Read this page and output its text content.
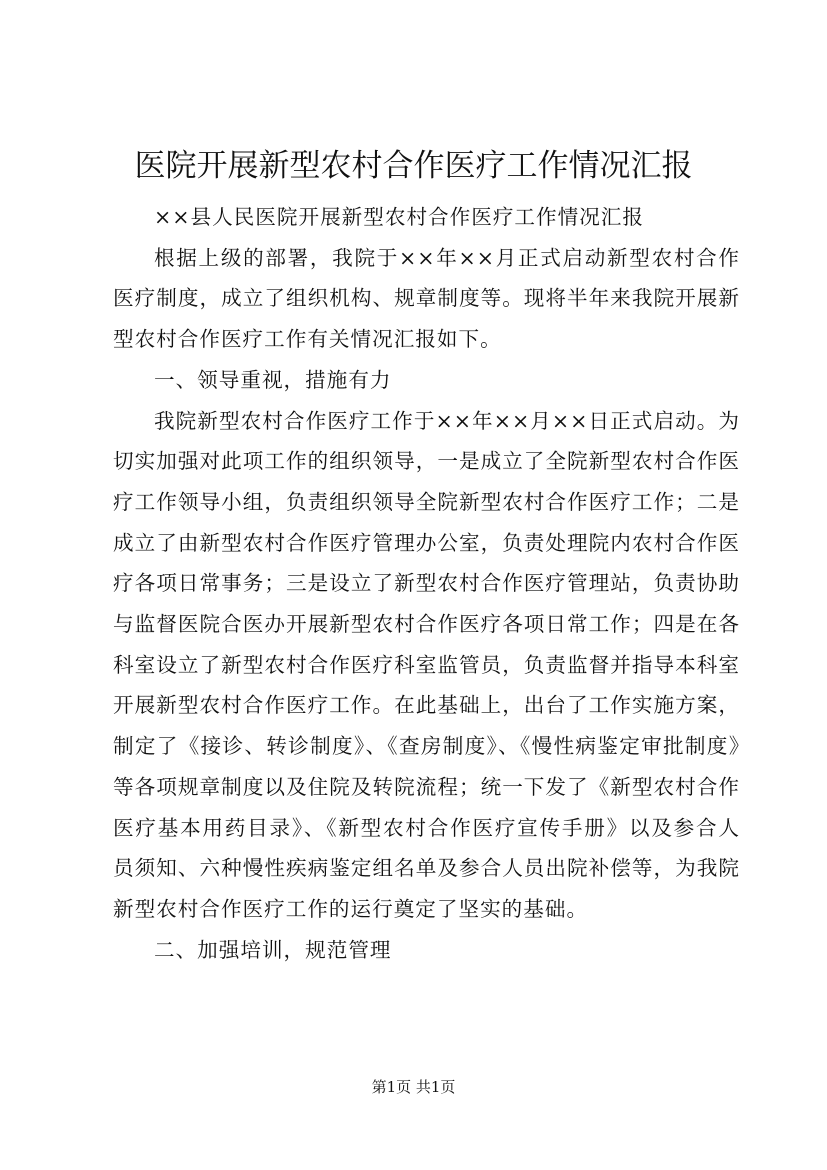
医院开展新型农村合作医疗工作情况汇报

××县人民医院开展新型农村合作医疗工作情况汇报

根据上级的部署，我院于××年××月正式启动新型农村合作医疗制度，成立了组织机构、规章制度等。现将半年来我院开展新型农村合作医疗工作有关情况汇报如下。

一、领导重视，措施有力

我院新型农村合作医疗工作于××年××月××日正式启动。为切实加强对此项工作的组织领导，一是成立了全院新型农村合作医疗工作领导小组，负责组织领导全院新型农村合作医疗工作；二是成立了由新型农村合作医疗管理办公室，负责处理院内农村合作医疗各项日常事务；三是设立了新型农村合作医疗管理站，负责协助与监督医院合医办开展新型农村合作医疗各项日常工作；四是在各科室设立了新型农村合作医疗科室监管员，负责监督并指导本科室开展新型农村合作医疗工作。在此基础上，出台了工作实施方案，制定了《接诊、转诊制度》、《查房制度》、《慢性病鉴定审批制度》等各项规章制度以及住院及转院流程；统一下发了《新型农村合作医疗基本用药目录》、《新型农村合作医疗宣传手册》以及参合人员须知、六种慢性疾病鉴定组名单及参合人员出院补偿等，为我院新型农村合作医疗工作的运行奠定了坚实的基础。

二、加强培训，规范管理

第1页 共1页
